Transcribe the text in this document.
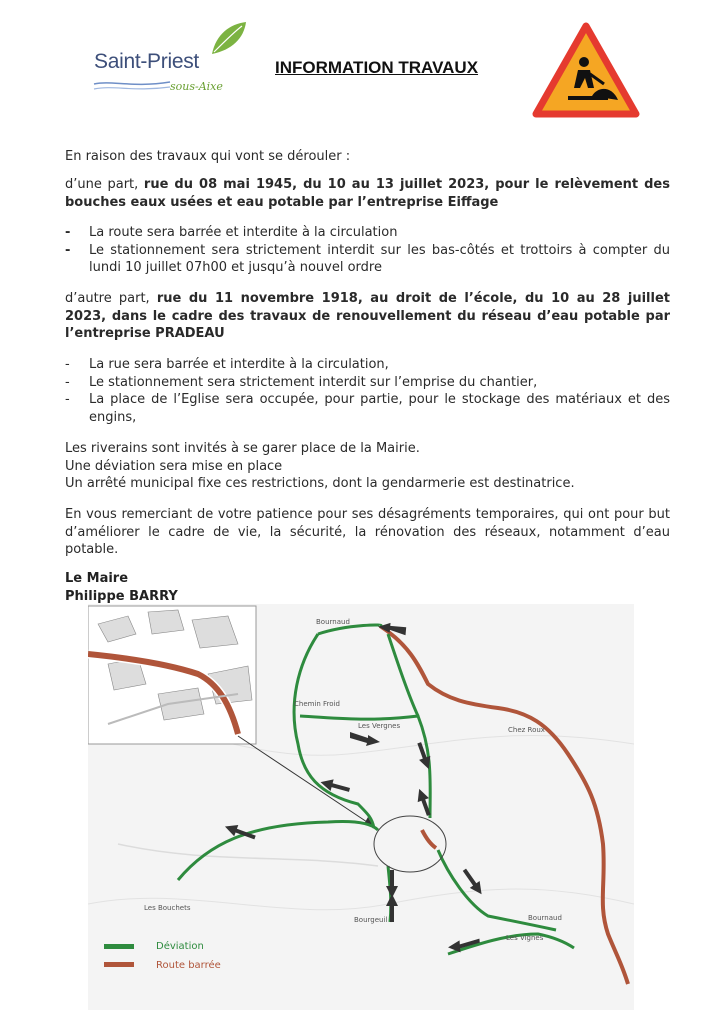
Saint-Priest
sous-Aixe
INFORMATION TRAVAUX
En raison des travaux qui vont se dérouler :
d’une part, rue du 08 mai 1945, du 10 au 13 juillet 2023, pour le relèvement des bouches eaux usées et eau potable par l’entreprise Eiffage
-	La route sera barrée et interdite à la circulation
-	Le stationnement sera strictement interdit sur les bas-côtés et trottoirs à compter du lundi 10 juillet 07h00 et jusqu’à nouvel ordre
d’autre part, rue du 11 novembre 1918, au droit de l’école, du 10 au 28 juillet 2023, dans le cadre des travaux de renouvellement du réseau d’eau potable par l’entreprise PRADEAU
-	La rue sera barrée et interdite à la circulation,
-	Le stationnement sera strictement interdit sur l’emprise du chantier,
-	La place de l’Eglise sera occupée, pour partie, pour le stockage des matériaux et des engins,
Les riverains sont invités à se garer place de la Mairie.
Une déviation sera mise en place
Un arrêté municipal fixe ces restrictions, dont la gendarmerie est destinatrice.
En vous remerciant de votre patience pour ses désagréments temporaires, qui ont pour but d’améliorer le cadre de vie, la sécurité, la rénovation des réseaux, notamment d’eau potable.
Le Maire
Philippe BARRY
Bournaud
Chemin Froid
Les Vergnes	Chez Roux
Les Bouchets
Bourgeuil	Bournaud
Les Vignes
Déviation
Route barrée
